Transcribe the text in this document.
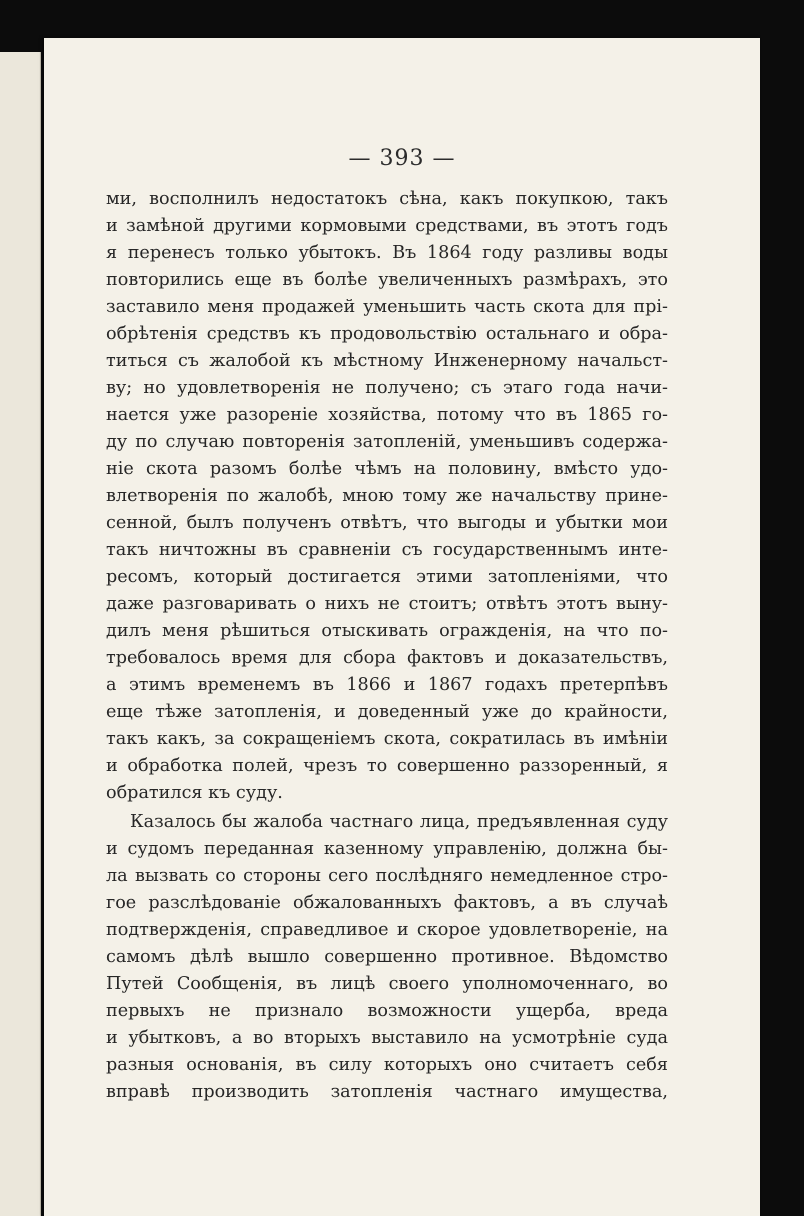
— 393 —
ми, восполнилъ недостатокъ сѣна, какъ покупкою, такъ
и замѣной другими кормовыми средствами, въ этотъ годъ
я перенесъ только убытокъ. Въ 1864 году разливы воды
повторились еще въ болѣе увеличенныхъ размѣрахъ, это
заставило меня продажей уменьшить часть скота для прі-
обрѣтенія средствъ къ продовольствію остальнаго и обра-
титься съ жалобой къ мѣстному Инженерному начальст-
ву; но удовлетворенія не получено; съ этаго года начи-
нается уже разореніе хозяйства, потому что въ 1865 го-
ду по случаю повторенія затопленій, уменьшивъ содержа-
ніе скота разомъ болѣе чѣмъ на половину, вмѣсто удо-
влетворенія по жалобѣ, мною тому же начальству прине-
сенной, былъ полученъ отвѣтъ, что выгоды и убытки мои
такъ ничтожны въ сравненіи съ государственнымъ инте-
ресомъ, который достигается этими затопленіями, что
даже разговаривать о нихъ не стоитъ; отвѣтъ этотъ выну-
дилъ меня рѣшиться отыскивать огражденія, на что по-
требовалось время для сбора фактовъ и доказательствъ,
а этимъ временемъ въ 1866 и 1867 годахъ претерпѣвъ
еще тѣже затопленія, и доведенный уже до крайности,
такъ какъ, за сокращеніемъ скота, сократилась въ имѣніи
и обработка полей, чрезъ то совершенно раззоренный, я
обратился къ суду.
Казалось бы жалоба частнаго лица, предъявленная суду
и судомъ переданная казенному управленію, должна бы-
ла вызвать со стороны сего послѣдняго немедленное стро-
гое разслѣдованіе обжалованныхъ фактовъ, а въ случаѣ
подтвержденія, справедливое и скорое удовлетвореніе, на
самомъ дѣлѣ вышло совершенно противное. Вѣдомство
Путей Сообщенія, въ лицѣ своего уполномоченнаго, во
первыхъ не признало возможности ущерба, вреда
и убытковъ, а во вторыхъ выставило на усмотрѣніе суда
разныя основанія, въ силу которыхъ оно считаетъ себя
вправѣ производить затопленія частнаго имущества,
